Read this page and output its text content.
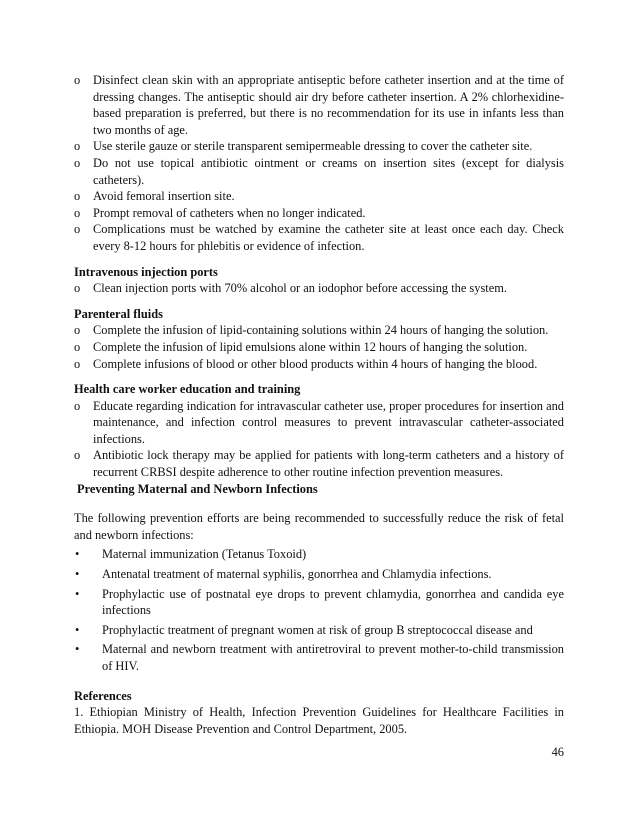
o Disinfect clean skin with an appropriate antiseptic before catheter insertion and at the time of dressing changes. The antiseptic should air dry before catheter insertion. A 2% chlorhexidine-based preparation is preferred, but there is no recommendation for its use in infants less than two months of age.
o Use sterile gauze or sterile transparent semipermeable dressing to cover the catheter site.
o Do not use topical antibiotic ointment or creams on insertion sites (except for dialysis catheters).
o Avoid femoral insertion site.
o Prompt removal of catheters when no longer indicated.
o Complications must be watched by examine the catheter site at least once each day. Check every 8-12 hours for phlebitis or evidence of infection.
Intravenous injection ports
o Clean injection ports with 70% alcohol or an iodophor before accessing the system.
Parenteral fluids
o Complete the infusion of lipid-containing solutions within 24 hours of hanging the solution.
o Complete the infusion of lipid emulsions alone within 12 hours of hanging the solution.
o Complete infusions of blood or other blood products within 4 hours of hanging the blood.
Health care worker education and training
o Educate regarding indication for intravascular catheter use, proper procedures for insertion and maintenance, and infection control measures to prevent intravascular catheter-associated infections.
o Antibiotic lock therapy may be applied for patients with long-term catheters and a history of recurrent CRBSI despite adherence to other routine infection prevention measures.
Preventing Maternal and Newborn Infections

The following prevention efforts are being recommended to successfully reduce the risk of fetal and newborn infections:

• Maternal immunization (Tetanus Toxoid)
• Antenatal treatment of maternal syphilis, gonorrhea and Chlamydia infections.
• Prophylactic use of postnatal eye drops to prevent chlamydia, gonorrhea and candida eye infections
• Prophylactic treatment of pregnant women at risk of group B streptococcal disease and
• Maternal and newborn treatment with antiretroviral to prevent mother-to-child transmission of HIV.
References

1. Ethiopian Ministry of Health, Infection Prevention Guidelines for Healthcare Facilities in Ethiopia. MOH Disease Prevention and Control Department, 2005.

46
